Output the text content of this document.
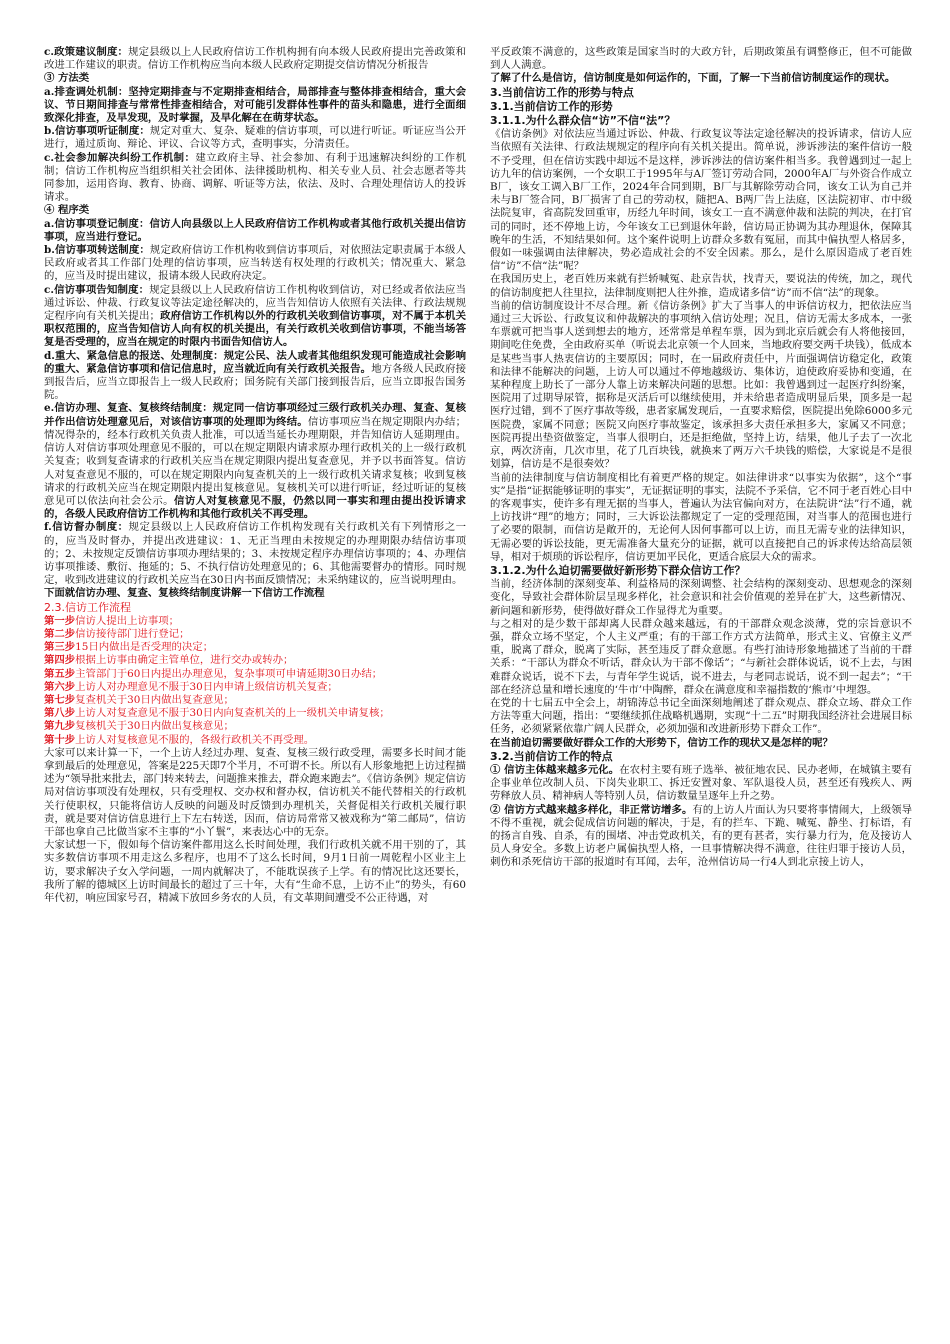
c.政策建议制度：规定县级以上人民政府信访工作机构拥有向本级人民政府提出完善政策和改进工作建议的职责。信访工作机构应当向本级人民政府定期提交信访情况分析报告

③ 方法类

a.排查调处机制：坚持定期排查与不定期排查相结合，局部排查与整体排查相结合，重大会议、节日期间排查与常常性排查相结合，对可能引发群体性事件的苗头和隐患，进行全面细致深化排查，及早发现，及时掌握，及早化解在在萌芽状态。

b.信访事项听证制度：规定对重大、复杂、疑难的信访事项，可以进行听证。听证应当公开进行，通过质询、辩论、评议、合议等方式，查明事实，分清责任。

c.社会参加解决纠纷工作机制：建立政府主导、社会参加、有利于迅速解决纠纷的工作机制；信访工作机构应当组织相关社会团体、法律援助机构、相关专业人员、社会志愿者等共同参加，运用咨询、教育、协商、调解、听证等方法，依法、及时、合理处理信访人的投诉请求。

④ 程序类

a.信访事项登记制度：信访人向县级以上人民政府信访工作机构或者其他行政机关提出信访事项，应当进行登记。

b.信访事项转送制度：规定政府信访工作机构收到信访事项后，对依照法定职责属于本级人民政府或者其工作部门处理的信访事项，应当转送有权处理的行政机关；情况重大、紧急的，应当及时提出建议，报请本级人民政府决定。

c.信访事项告知制度：规定县级以上人民政府信访工作机构收到信访，对已经或者依法应当通过诉讼、仲裁、行政复议等法定途径解决的，应当告知信访人依照有关法律、行政法规规定程序向有关机关提出；政府信访工作机构以外的行政机关收到信访事项，对不属于本机关职权范围的，应当告知信访人向有权的机关提出，有关行政机关收到信访事项，不能当场答复是否受理的，应当在规定的时限内书面告知信访人。

d.重大、紧急信息的报送、处理制度：规定公民、法人或者其他组织发现可能造成社会影响的重大、紧急信访事项和信记信息时，应当就近向有关行政机关报告。地方各级人民政府接到报告后，应当立即报告上一级人民政府；国务院有关部门接到报告后，应当立即报告国务院。

e.信访办理、复查、复核终结制度：规定同一信访事项经过三级行政机关办理、复查、复核并作出信访处理意见后，对该信访事项的处理即为终结。信访事项应当在规定期限内办结；情况得杂的，经本行政机关负责人批准，可以适当延长办理期限，并告知信访人延期理由。信访人对信访事项处理意见不服的，可以在规定期限内请求原办理行政机关的上一级行政机关复查；收到复查请求的行政机关应当在规定期限内提出复查意见，并予以书面答复。信访人对复查意见不服的，可以在规定期限内向复查机关的上一级行政机关请求复核；收到复核请求的行政机关应当在规定期限内提出复核意见。复核机关可以进行听证，经过听证的复核意见可以依法向社会公示。信访人对复核意见不服，仍然以同一事实和理由提出投诉请求的，各级人民政府信访工作机构和其他行政机关不再受理。

f.信访督办制度：规定县级以上人民政府信访工作机构发现有关行政机关有下列情形之一的，应当及时督办，并提出改进建议：1、无正当理由未按规定的办理期限办结信访事项的；2、未按规定反馈信访事项办理结果的；3、未按规定程序办理信访事项的；4、办理信访事项推诿、敷衍、拖延的；5、不执行信访处理意见的；6、其他需要督办的情形。同时规定，收到改进建议的行政机关应当在30日内书面反馈情况；未采纳建议的，应当说明理由。

下面就信访办理、复查、复核终结制度讲解一下信访工作流程

2.3.信访工作流程

第一步信访人提出上访事项；

第二步信访接待部门进行登记；

第三步15日内做出是否受理的决定；

第四步根据上访事由确定主管单位，进行交办或转办；

第五步主管部门于60日内提出办理意见，复杂事项可申请延期30日办结；

第六步上访人对办理意见不服于30日内申请上级信访机关复查；

第七步复查机关于30日内做出复查意见；

第八步上访人对复查意见不服于30日内向复查机关的上一级机关申请复核；

第九步复核机关于30日内做出复核意见；

第十步上访人对复核意见不服的，各级行政机关不再受理。

大家可以来计算一下，一个上访人经过办理、复查、复核三级行政受理，需要多长时间才能拿到最后的处理意见，答案是225天即7个半月，不可谓不长。所以有人形象地把上访过程描述为“领导批来批去，部门转来转去，问题推来推去，群众跑来跑去”。《信访条例》规定信访局对信访事项没有处理权，只有受理权、交办权和督办权，信访机关不能代替相关的行政机关行使职权，只能将信访人反映的问题及时反馈到办理机关，关督促相关行政机关履行职责，就是要对信访信息进行上下左右转送，因而，信访局常常又被戏称为“第二邮局”，信访干部也拿自己比做当家不主事的“小丫鬟”，来表达心中的无奈。

大家试想一下，假如每个信访案件都用这么长时间处理，我们行政机关就不用干别的了，其实多数信访事项不用走这么多程序，也用不了这么长时间，9月1日前一周乾程小区业主上访，要求解决子女入学问题，一周内就解决了，不能耽误孩子上学。有的情况比这还要长，我所了解的德城区上访时间最长的超过了三十年，大有“生命不息，上访不止”的势头，有60年代初，响应国家号召，精减下放回乡务农的人员，有文革期间遭受不公正待遇，对

平反政策不满意的，这些政策是国家当时的大政方针，后期政策虽有调整修正，但不可能做到人人满意。

了解了什么是信访，信访制度是如何运作的，下面，了解一下当前信访制度运作的现状。

3.当前信访工作的形势与特点

3.1.当前信访工作的形势

3.1.1.为什么群众信“访”不信“法”？

《信访条例》对依法应当通过诉讼、仲裁、行政复议等法定途径解决的投诉请求，信访人应当依照有关法律、行政法规规定的程序向有关机关提出。简单说，涉诉涉法的案件信访一般不予受理，但在信访实践中却远不是这样，涉诉涉法的信访案件相当多。我曾遇到过一起上访九年的信访案例，一个女职工于1995年与A厂签订劳动合同，2000年A厂与外资合作成立B厂，该女工调入B厂工作，2024年合同到期，B厂与其解除劳动合同，该女工认为自己并未与B厂签合同，B厂损害了自己的劳动权，随把A、B两厂告上法庭，区法院初审、市中级法院复审，省高院发回重审，历经九年时间，该女工一直不满意仲裁和法院的判决，在打官司的同时，还不停地上访，今年该女工已到退休年龄，信访局正协调为其办理退休，保障其晚年的生活，不知结果如何。这个案件说明上访群众多数有冤屈，而其中偏执型人格居多，假如一味强调由法律解决，势必造成社会的不安全因素。那么，是什么原因造成了老百姓信“访”不信“法”呢？

在我国历史上，老百姓历来就有拦轿喊冤、赴京告状，找青天，要说法的传统，加之，现代的信访制度把人往里拉，法律制度则把人往外推，造成诸多信“访”而不信“法”的现象。

当前的信访制度设计不尽合理。新《信访条例》扩大了当事人的申诉信访权力，把依法应当通过三大诉讼、行政复议和仲裁解决的事项纳入信访处理；况且，信访无需太多成本，一张车票就可把当事人送到想去的地方，还常常是单程车票，因为到北京后就会有人将他接回，期间吃住免费，全由政府买单（听说去北京领一个人回来，当地政府要交两千块钱），低成本是某些当事人热衷信访的主要原因；同时，在一届政府责任中，片面强调信访稳定化，政策和法律不能解决的问题，上访人可以通过不停地越级访、集体访，迫使政府妥协和变通，在某种程度上助长了一部分人靠上访来解决问题的思想。比如：我曾遇到过一起医疗纠纷案，医院用了过期导尿管，据称是灭活后可以继续使用，并未给患者造成明显后果，顶多是一起医疗过错，到不了医疗事故等级，患者家属发现后，一直要求赔偿，医院提出免除6000多元医院费，家属不同意；医院又向医疗事故鉴定，该承担多大责任承担多大，家属又不同意；医院再提出垫资做鉴定，当事人很明白，还是拒绝做，坚持上访，结果，他儿子去了一次北京，两次济南，几次市里，花了几百块钱，就换来了两万六千块钱的赔偿，大家说是不是很划算，信访是不是很奏效？

当前的法律制度与信访制度相比有着更严格的规定。如法律讲求“以事实为依据”，这个“事实”是指“证据能够证明的事实”，无证据证明的事实，法院不予采信，它不同于老百姓心目中的客观事实，使许多有理无据的当事人，普遍认为法官偏向对方，在法院讲“法”行不通，就上访找讲“理”的地方；同时，三大诉讼法都规定了一定的受理范围，对当事人的范围也进行了必要的限制，而信访是敞开的，无论何人因何事都可以上访，而且无需专业的法律知识，无需必要的诉讼技能，更无需准备大量充分的证据，就可以直接把自己的诉求传达给高层领导，相对于烦琐的诉讼程序，信访更加平民化，更适合底层大众的需求。

3.1.2.为什么迫切需要做好新形势下群众信访工作？

当前，经济体制的深刻变革、利益格局的深刻调整、社会结构的深刻变动、思想观念的深刻变化，导致社会群体阶层呈现多样化，社会意识和社会价值观的差异在扩大，这些新情况、新问题和新形势，使得做好群众工作显得尤为重要。

与之相对的是少数干部却离人民群众越来越远，有的干部群众观念淡薄，党的宗旨意识不强，群众立场不坚定，个人主义严重；有的干部工作方式方法简单，形式主义、官僚主义严重，脱离了群众，脱离了实际，甚至违反了群众意愿。有些打油诗形象地描述了当前的干群关系：“干部认为群众不听话，群众认为干部不像话”；“与新社会群体说话，说不上去，与困难群众说话，说不下去，与青年学生说话，说不进去，与老同志说话，说不到一起去”；“干部在经济总量和增长速度的‘牛市’中陶醉，群众在满意度和幸福指数的‘熊市’中埋怨。

在党的十七届五中全会上，胡锦涛总书记全面深刻地阐述了群众观点、群众立场、群众工作方法等重大问题，指出：“要继续抓住战略机遇期，实现“十二五”时期我国经济社会进展目标任务，必须紧紧依靠广阔人民群众，必须加强和改进新形势下群众工作”。

在当前迫切需要做好群众工作的大形势下，信访工作的现状又是怎样的呢？

3.2.当前信访工作的特点

① 信访主体越来越多元化。在农村主要有班子选举、被征地农民、民办老师，在城镇主要有企事业单位改制人员、下岗失业职工、拆迁安置对象、军队退役人员，甚至还有残疾人、两劳释放人员、精神病人等特别人员，信访数量呈逐年上升之势。

② 信访方式越来越多样化，非正常访增多。有的上访人片面认为只要将事情闹大，上级领导不得不重视，就会促成信访问题的解决，于是，有的拦车、下跪、喊冤、静坐、打标语，有的扬言自残、自杀，有的围堵、冲击党政机关，有的更有甚者，实行暴力行为，危及接访人员人身安全。多数上访老户属偏执型人格，一旦事情解决得不满意，往往归罪于接访人员，刺伤和杀死信访干部的报道时有耳闻，去年，沧州信访局一行4人到北京接上访人，
